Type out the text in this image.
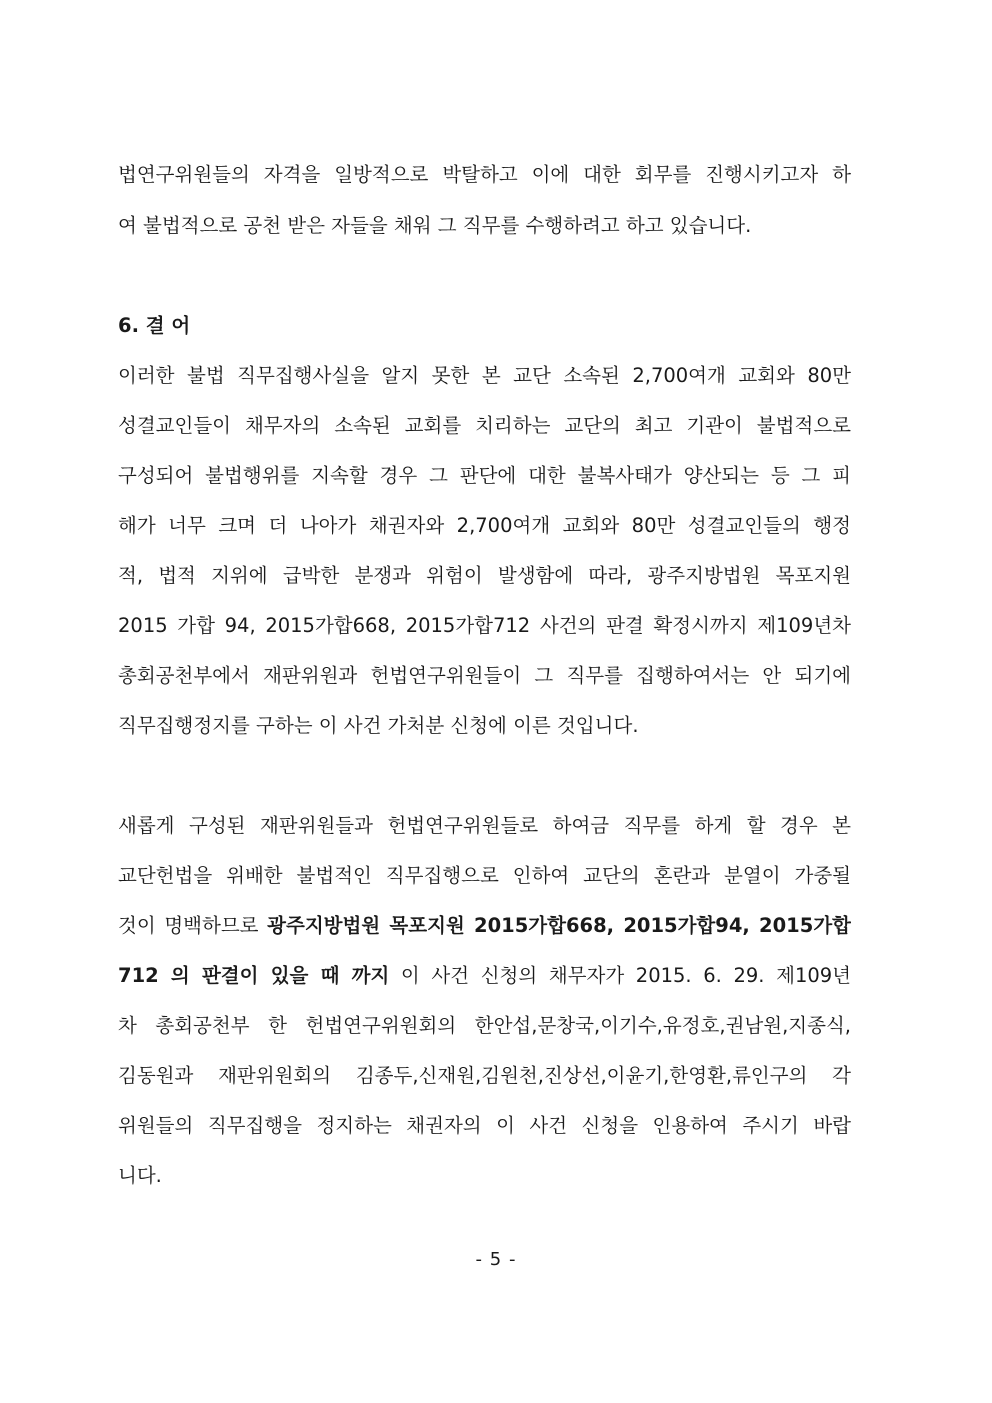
법연구위원들의 자격을 일방적으로 박탈하고 이에 대한 회무를 진행시키고자 하
여 불법적으로 공천 받은 자들을 채워 그 직무를 수행하려고 하고 있습니다.
6. 결 어
이러한 불법 직무집행사실을 알지 못한 본 교단 소속된 2,700여개 교회와 80만
성결교인들이 채무자의 소속된 교회를 치리하는 교단의 최고 기관이 불법적으로
구성되어 불법행위를 지속할 경우 그 판단에 대한 불복사태가 양산되는 등 그 피
해가 너무 크며 더 나아가 채권자와 2,700여개 교회와 80만 성결교인들의 행정
적, 법적 지위에 급박한 분쟁과 위험이 발생함에 따라, 광주지방법원 목포지원
2015 가합 94, 2015가합668, 2015가합712 사건의 판결 확정시까지 제109년차
총회공천부에서 재판위원과 헌법연구위원들이 그 직무를 집행하여서는 안 되기에
직무집행정지를 구하는 이 사건 가처분 신청에 이른 것입니다.
새롭게 구성된 재판위원들과 헌법연구위원들로 하여금 직무를 하게 할 경우 본
교단헌법을 위배한 불법적인 직무집행으로 인하여 교단의 혼란과 분열이 가중될
것이 명백하므로 광주지방법원 목포지원 2015가합668, 2015가합94, 2015가합
712 의 판결이 있을 때 까지 이 사건 신청의 채무자가 2015. 6. 29. 제109년
차 총회공천부 한 헌법연구위원회의 한안섭,문창국,이기수,유정호,권남원,지종식,
김동원과 재판위원회의 김종두,신재원,김원천,진상선,이윤기,한영환,류인구의 각
위원들의 직무집행을 정지하는 채권자의 이 사건 신청을 인용하여 주시기 바랍
니다.
- 5 -
